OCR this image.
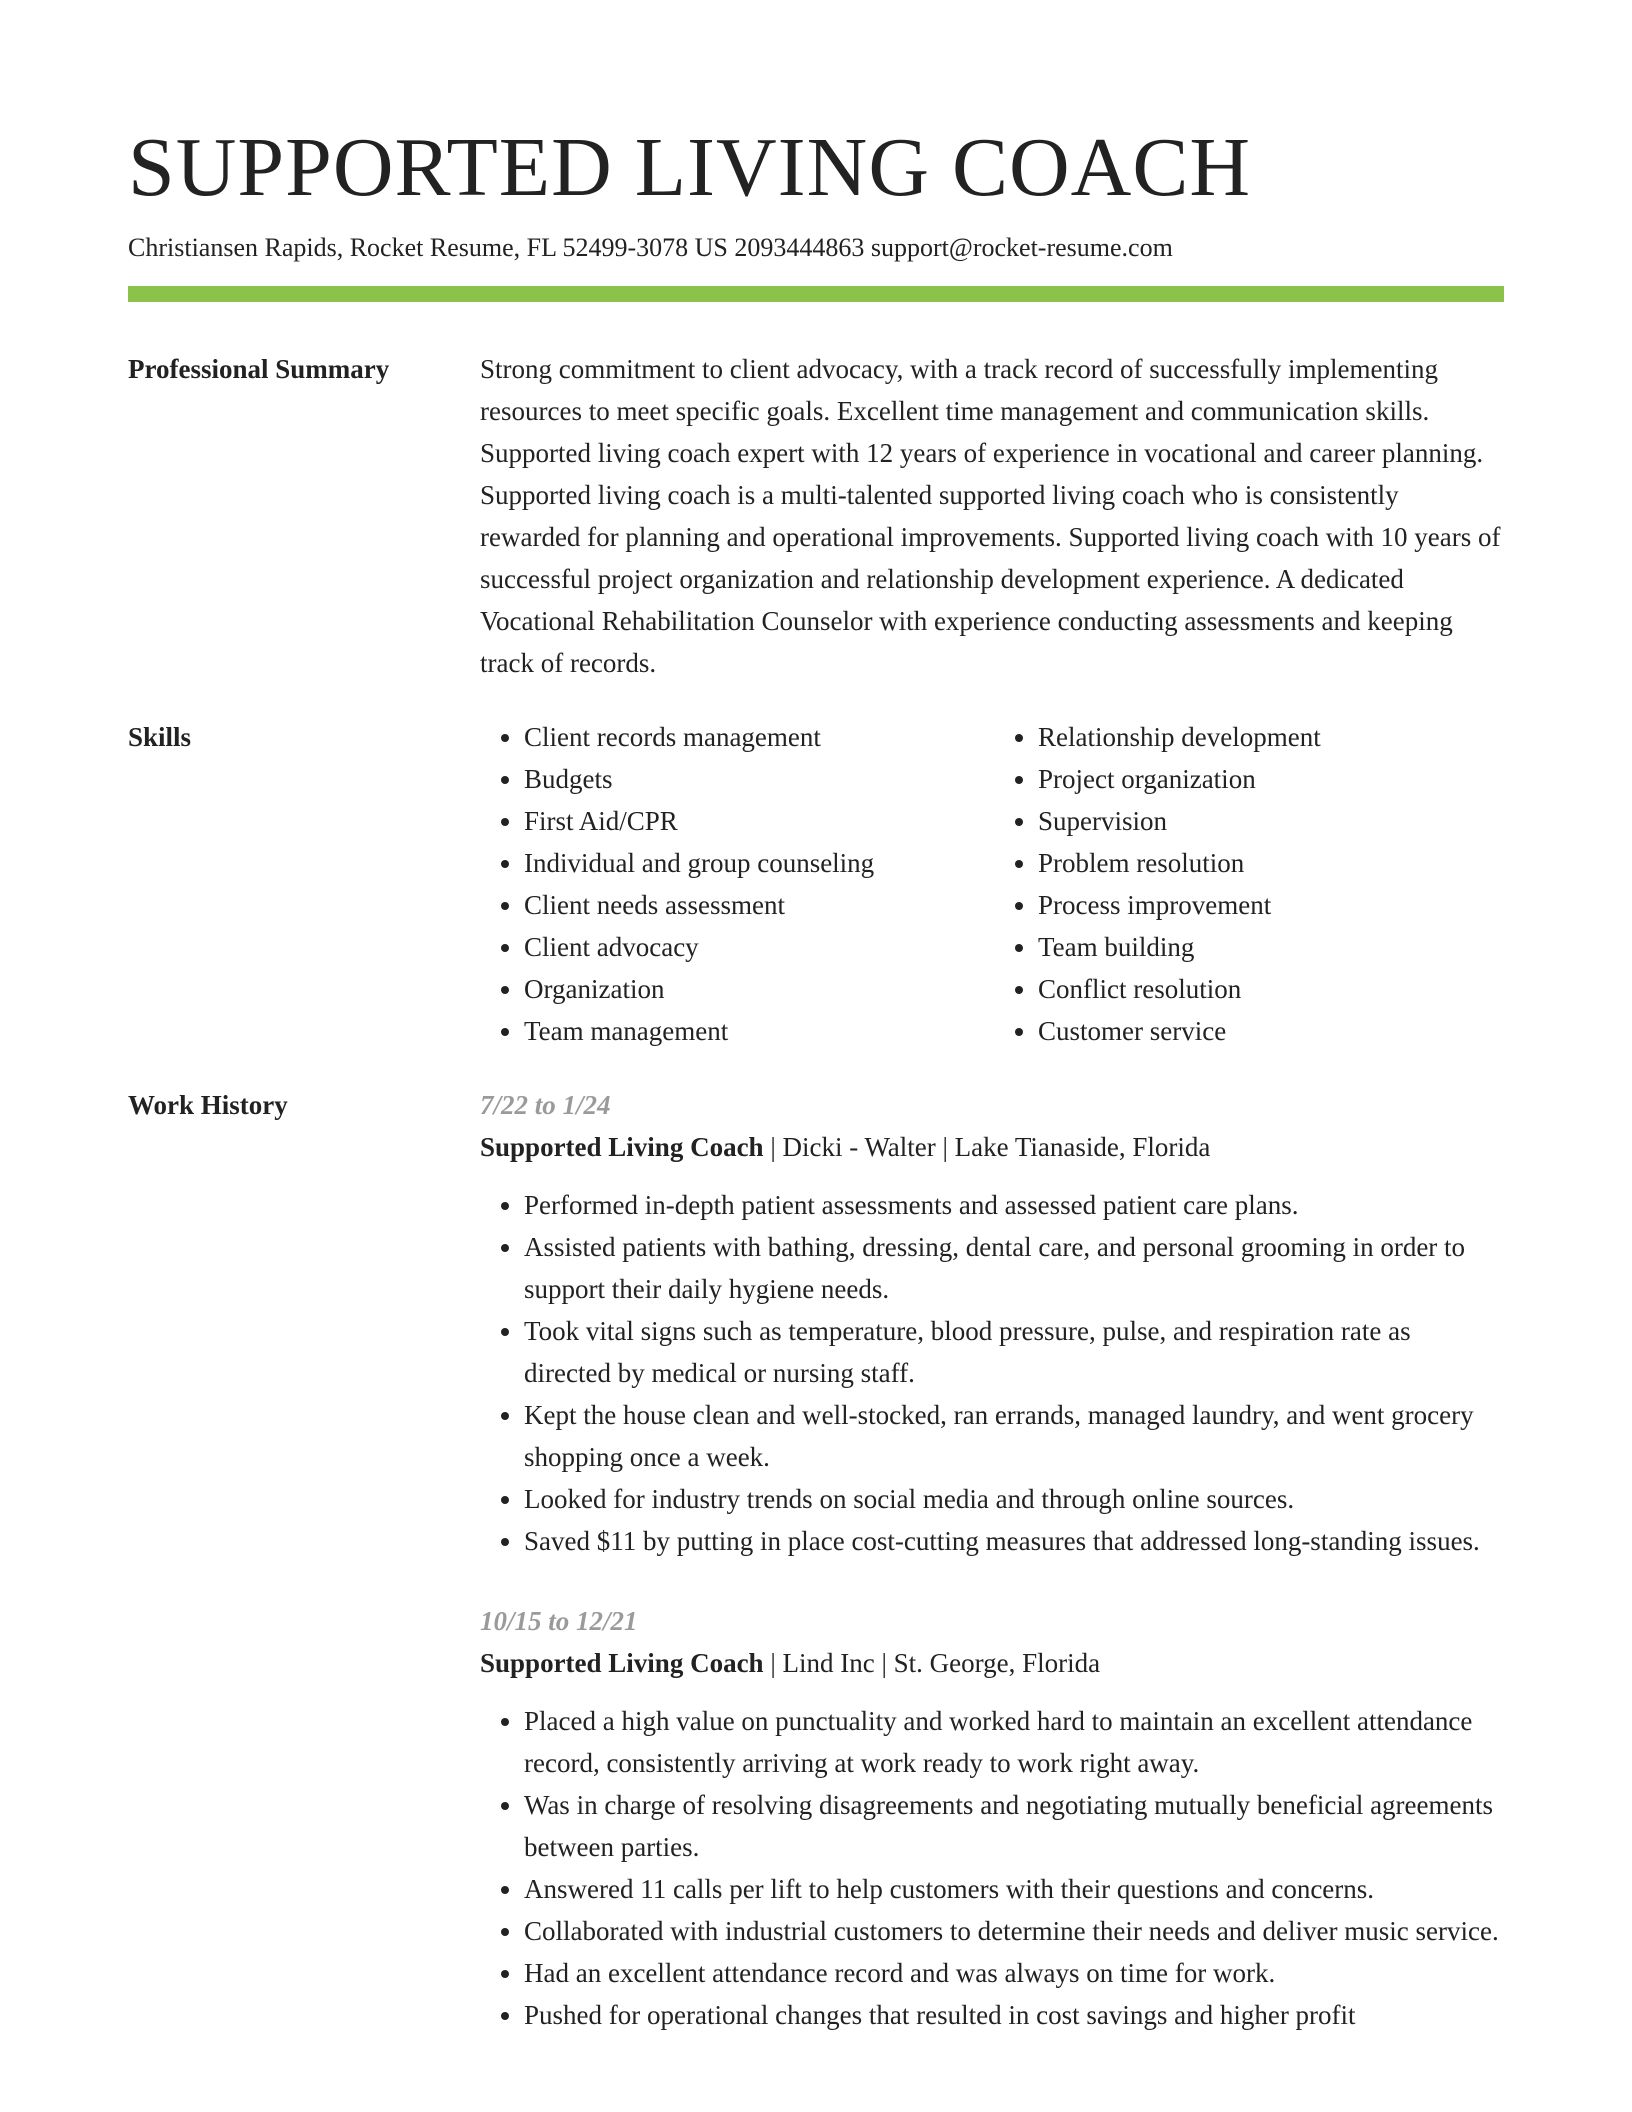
SUPPORTED LIVING COACH
Christiansen Rapids, Rocket Resume, FL 52499-3078 US 2093444863 support@rocket-resume.com
Professional Summary	Strong commitment to client advocacy, with a track record of successfully implementing resources to meet specific goals. Excellent time management and communication skills. Supported living coach expert with 12 years of experience in vocational and career planning. Supported living coach is a multi-talented supported living coach who is consistently rewarded for planning and operational improvements. Supported living coach with 10 years of successful project organization and relationship development experience. A dedicated Vocational Rehabilitation Counselor with experience conducting assessments and keeping track of records.

Skills
•	Client records management
• Budgets
• First Aid/CPR
• Individual and group counseling
• Client needs assessment
• Client advocacy
• Organization
• Team management
• Relationship development
• Project organization
• Supervision
• Problem resolution
• Process improvement
• Team building
• Conflict resolution
• Customer service
Work History	7/22 to 1/24

Supported Living Coach | Dicki - Walter | Lake Tianaside, Florida

• Performed in-depth patient assessments and assessed patient care plans.
• Assisted patients with bathing, dressing, dental care, and personal grooming in order to support their daily hygiene needs.
• Took vital signs such as temperature, blood pressure, pulse, and respiration rate as directed by medical or nursing staff.
• Kept the house clean and well-stocked, ran errands, managed laundry, and went grocery shopping once a week.
• Looked for industry trends on social media and through online sources.
• Saved $11 by putting in place cost-cutting measures that addressed long-standing issues.

10/15 to 12/21

Supported Living Coach | Lind Inc | St. George, Florida

• Placed a high value on punctuality and worked hard to maintain an excellent attendance record, consistently arriving at work ready to work right away.
• Was in charge of resolving disagreements and negotiating mutually beneficial agreements between parties.
• Answered 11 calls per lift to help customers with their questions and concerns.
• Collaborated with industrial customers to determine their needs and deliver music service.
• Had an excellent attendance record and was always on time for work.
• Pushed for operational changes that resulted in cost savings and higher profit
